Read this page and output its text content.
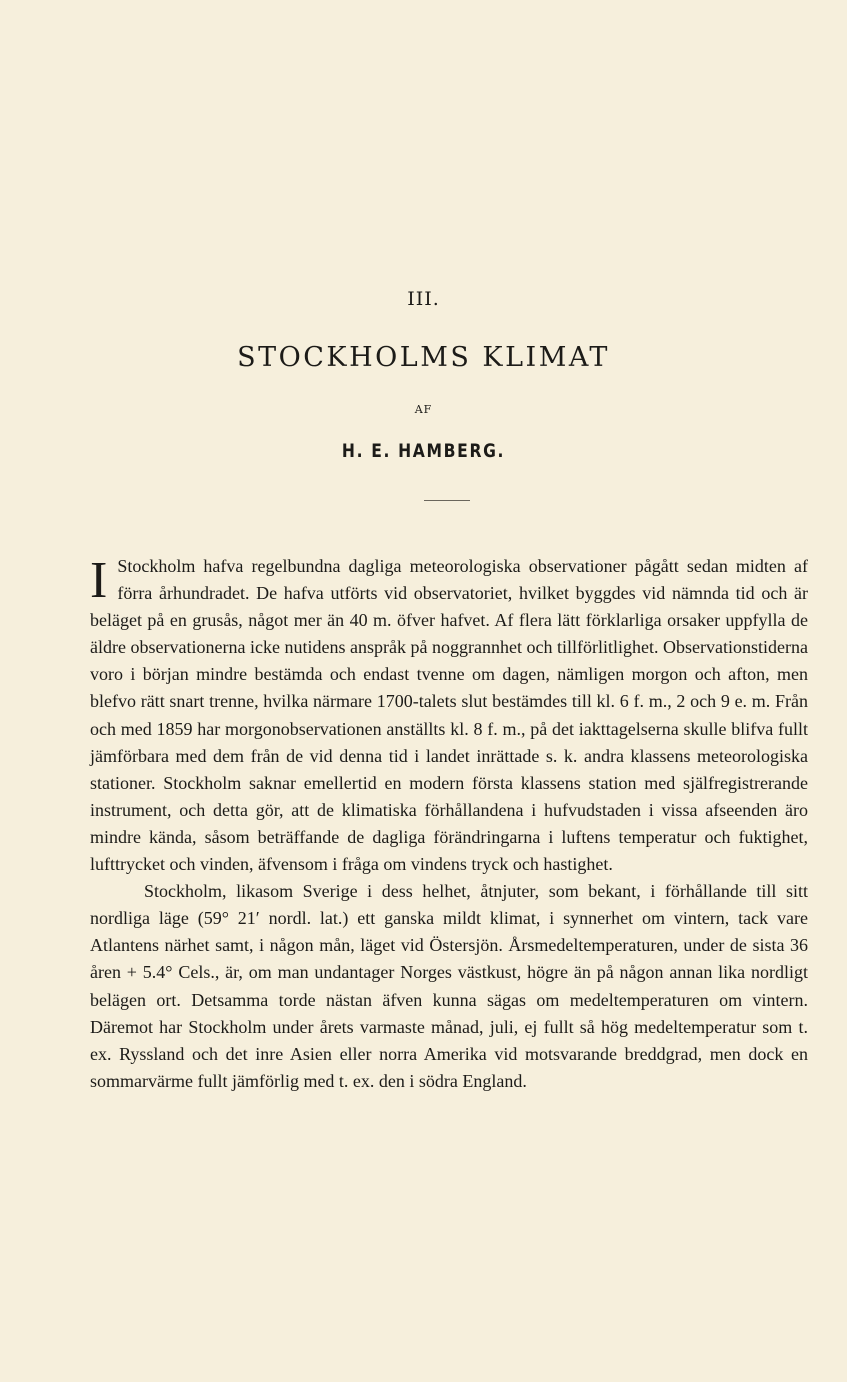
III.
STOCKHOLMS KLIMAT
AF
H. E. HAMBERG.

I Stockholm hafva regelbundna dagliga meteorologiska observationer pågått sedan midten af förra århundradet. De hafva utförts vid observatoriet, hvilket byggdes vid nämnda tid och är beläget på en grusås, något mer än 40 m. öfver hafvet. Af flera lätt förklarliga orsaker uppfylla de äldre observationerna icke nutidens anspråk på noggrannhet och tillförlitlighet. Observationstiderna voro i början mindre bestämda och endast tvenne om dagen, nämligen morgon och afton, men blefvo rätt snart trenne, hvilka närmare 1700-talets slut bestämdes till kl. 6 f. m., 2 och 9 e. m. Från och med 1859 har morgonobservationen anställts kl. 8 f. m., på det iakttagelserna skulle blifva fullt jämförbara med dem från de vid denna tid i landet inrättade s. k. andra klassens meteorologiska stationer. Stockholm saknar emellertid en modern första klassens station med själfregistrerande instrument, och detta gör, att de klimatiska förhållandena i hufvudstaden i vissa afseenden äro mindre kända, såsom beträffande de dagliga förändringarna i luftens temperatur och fuktighet, lufttrycket och vinden, äfvensom i fråga om vindens tryck och hastighet.

Stockholm, likasom Sverige i dess helhet, åtnjuter, som bekant, i förhållande till sitt nordliga läge (59° 21′ nordl. lat.) ett ganska mildt klimat, i synnerhet om vintern, tack vare Atlantens närhet samt, i någon mån, läget vid Östersjön. Årsmedeltemperaturen, under de sista 36 åren + 5.4° Cels., är, om man undantager Norges västkust, högre än på någon annan lika nordligt belägen ort. Detsamma torde nästan äfven kunna sägas om medeltemperaturen om vintern. Däremot har Stockholm under årets varmaste månad, juli, ej fullt så hög medeltemperatur som t. ex. Ryssland och det inre Asien eller norra Amerika vid motsvarande breddgrad, men dock en sommarvärme fullt jämförlig med t. ex. den i södra England.
